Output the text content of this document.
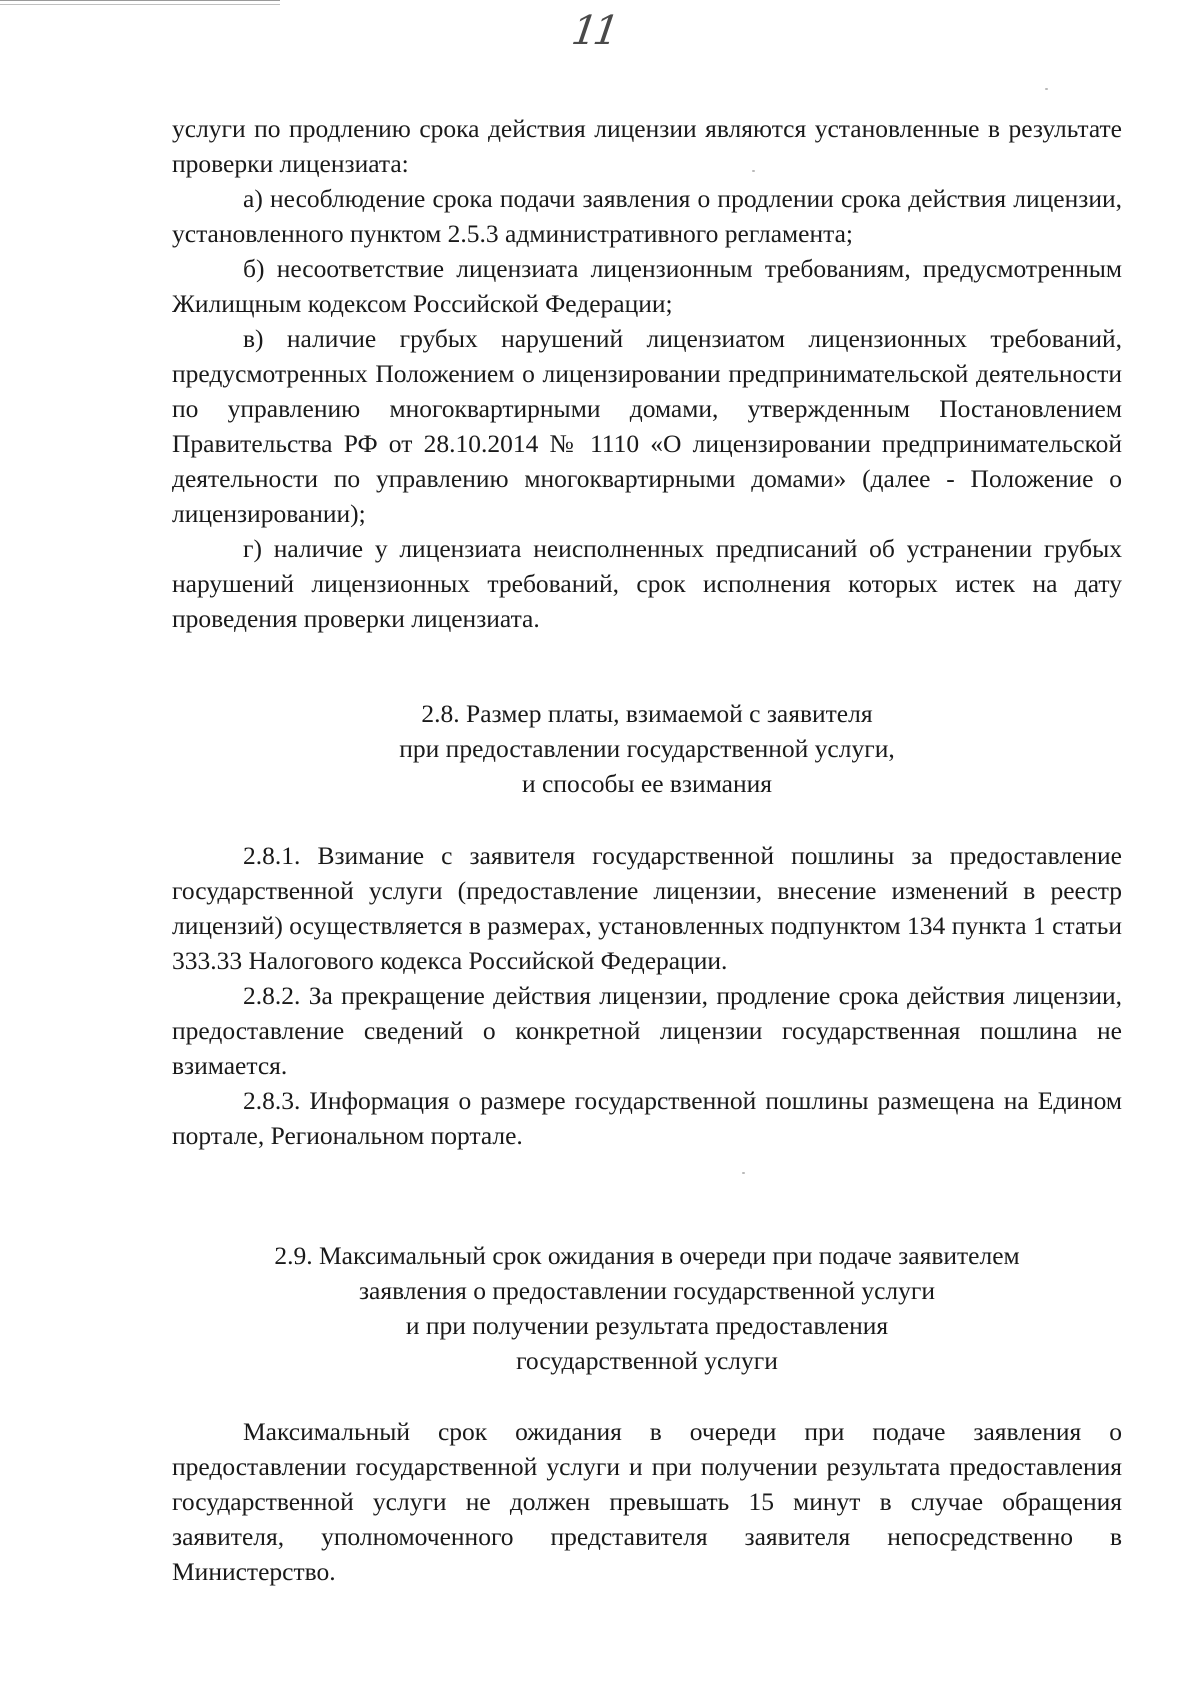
11

услуги по продлению срока действия лицензии являются установленные в результате проверки лицензиата:

а) несоблюдение срока подачи заявления о продлении срока действия лицензии, установленного пунктом 2.5.3 административного регламента;

б) несоответствие лицензиата лицензионным требованиям, предусмотренным Жилищным кодексом Российской Федерации;

в) наличие грубых нарушений лицензиатом лицензионных требований, предусмотренных Положением о лицензировании предпринимательской деятельности по управлению многоквартирными домами, утвержденным Постановлением Правительства РФ от 28.10.2014 № 1110 «О лицензировании предпринимательской деятельности по управлению многоквартирными домами» (далее - Положение о лицензировании);

г) наличие у лицензиата неисполненных предписаний об устранении грубых нарушений лицензионных требований, срок исполнения которых истек на дату проведения проверки лицензиата.

2.8. Размер платы, взимаемой с заявителя
при предоставлении государственной услуги,
и способы ее взимания

2.8.1. Взимание с заявителя государственной пошлины за предоставление государственной услуги (предоставление лицензии, внесение изменений в реестр лицензий) осуществляется в размерах, установленных подпунктом 134 пункта 1 статьи 333.33 Налогового кодекса Российской Федерации.

2.8.2. За прекращение действия лицензии, продление срока действия лицензии, предоставление сведений о конкретной лицензии государственная пошлина не взимается.

2.8.3. Информация о размере государственной пошлины размещена на Едином портале, Региональном портале.

2.9. Максимальный срок ожидания в очереди при подаче заявителем
заявления о предоставлении государственной услуги
и при получении результата предоставления
государственной услуги

Максимальный срок ожидания в очереди при подаче заявления о предоставлении государственной услуги и при получении результата предоставления государственной услуги не должен превышать 15 минут в случае обращения заявителя, уполномоченного представителя заявителя непосредственно в Министерство.
